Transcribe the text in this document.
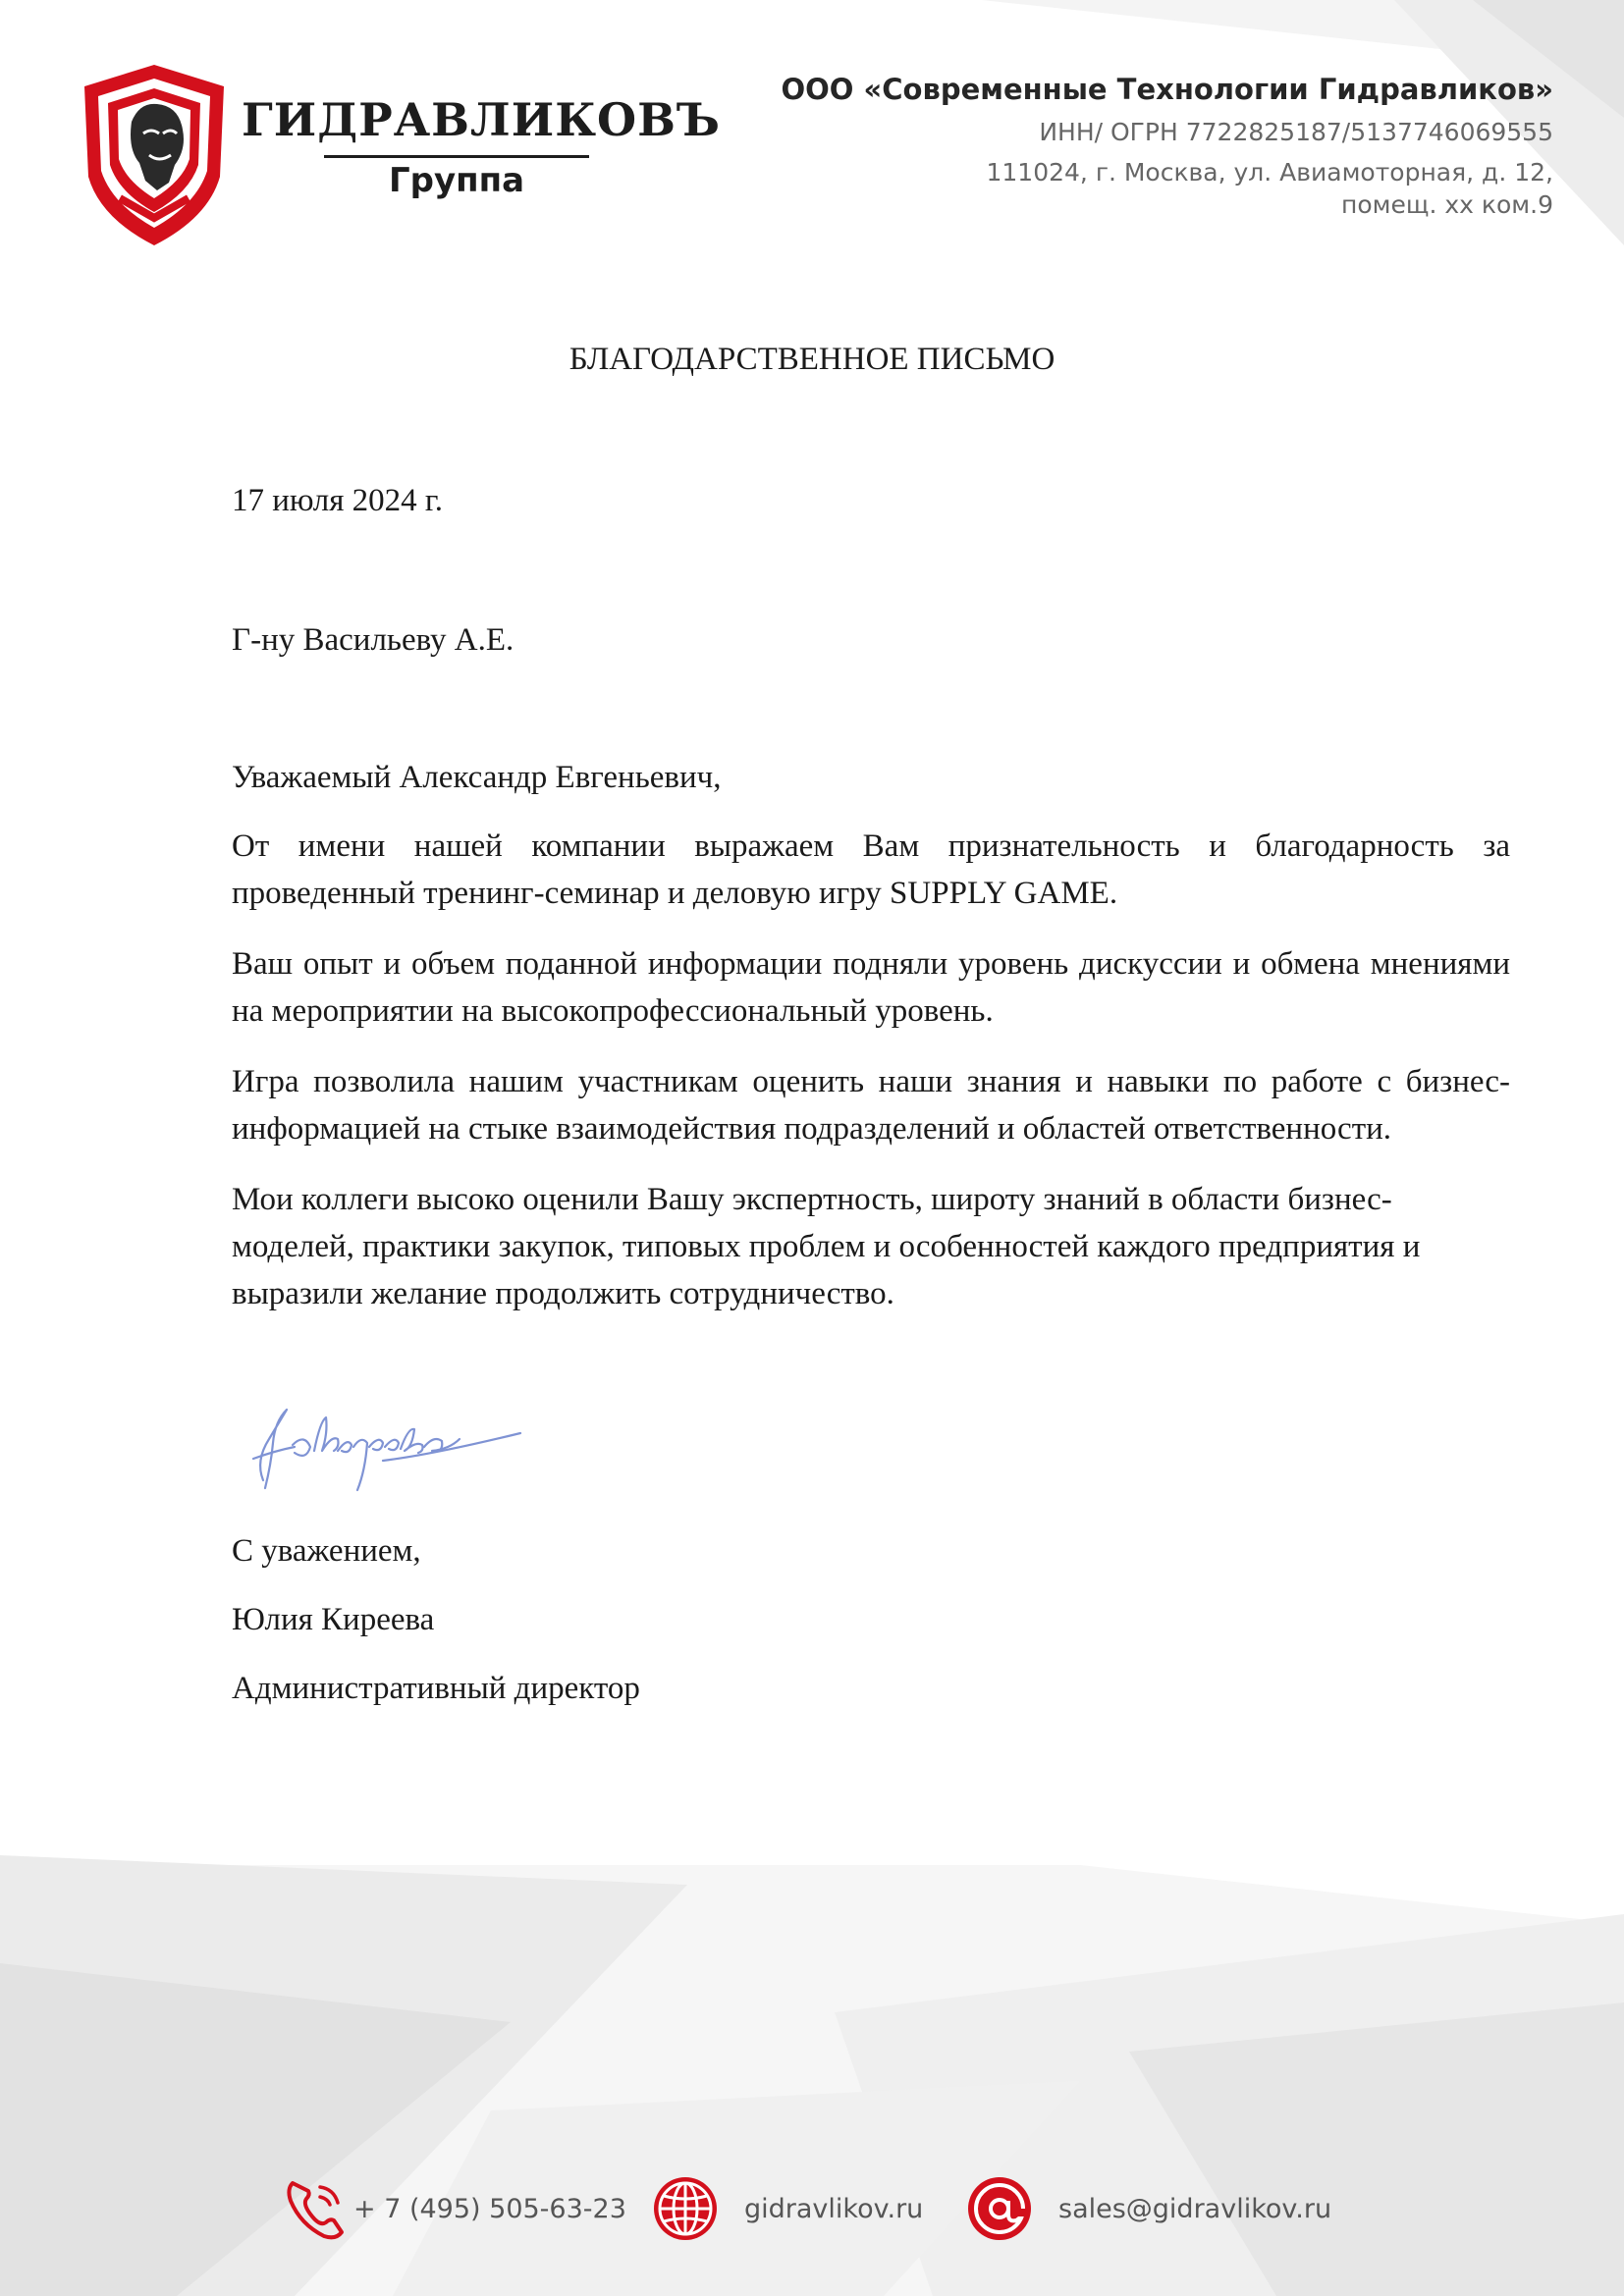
ГИДРАВЛИКОВЪ
Группа
ООО «Современные Технологии Гидравликов»
ИНН/ ОГРН 7722825187/5137746069555
111024, г. Москва, ул. Авиамоторная, д. 12,
помещ. хх ком.9
БЛАГОДАРСТВЕННОЕ ПИСЬМО
17 июля 2024 г.
Г-ну Васильеву А.Е.
Уважаемый Александр Евгеньевич,

От имени нашей компании выражаем Вам признательность и благодарность за проведенный тренинг-семинар и деловую игру SUPPLY GAME.

Ваш опыт и объем поданной информации подняли уровень дискуссии и обмена мнениями на мероприятии на высокопрофессиональный уровень.

Игра позволила нашим участникам оценить наши знания и навыки по работе с бизнес-информацией на стыке взаимодействия подразделений и областей ответственности.

Мои коллеги высоко оценили Вашу экспертность, широту знаний в области бизнес-моделей, практики закупок, типовых проблем и особенностей каждого предприятия и выразили желание продолжить сотрудничество.

С уважением,
Юлия Киреева
Административный директор
+ 7 (495) 505-63-23	gidravlikov.ru	sales@gidravlikov.ru
